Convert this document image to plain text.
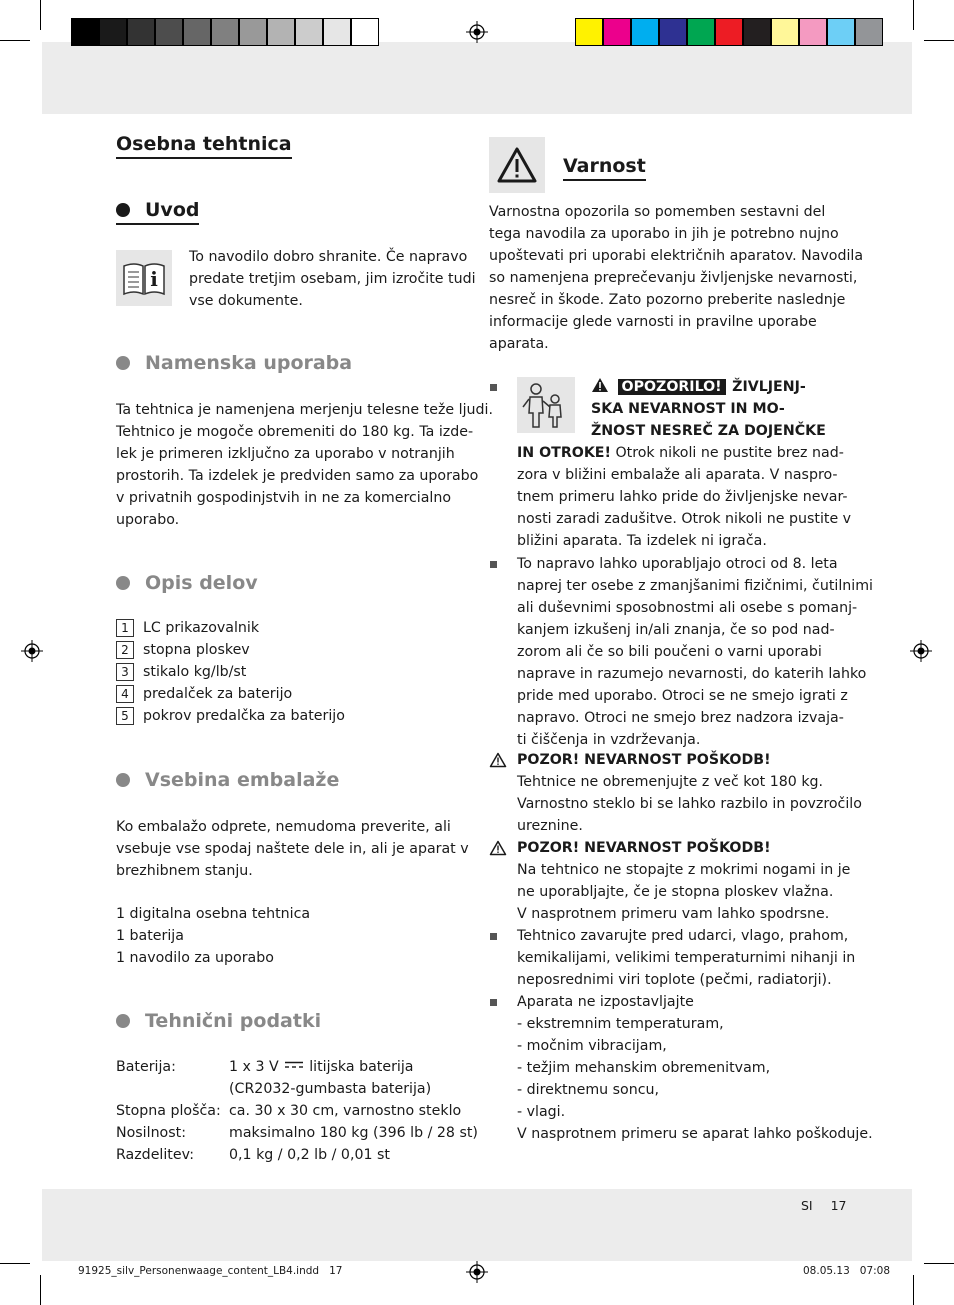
Osebna tehtnica
Uvod
i

To navodilo dobro shranite. Če napravo

predate tretjim osebam, jim izročite tudi

vse dokumente.

Namenska uporaba

Ta tehtnica je namenjena merjenju telesne teže ljudi.

Tehtnico je mogoče obremeniti do 180 kg. Ta izde-

lek je primeren izključno za uporabo v notranjih

prostorih. Ta izdelek je predviden samo za uporabo

v privatnih gospodinjstvih in ne za komercialno

uporabo.

Opis delov
1 LC prikazovalnik
2 stopna ploskev
3 stikalo kg/lb/st
4 predalček za baterijo
5 pokrov predalčka za baterijo
Vsebina embalaže

Ko embalažo odprete, nemudoma preverite, ali

vsebuje vse spodaj naštete dele in, ali je aparat v

brezhibnem stanju.

1 digitalna osebna tehtnica

1 baterija

1 navodilo za uporabo

Tehnični podatki
Baterija:	1 x 3 V litijska baterija
(CR2032-gumbasta baterija)
Stopna plošča: ca. 30 x 30 cm, varnostno steklo
Nosilnost:	maksimalno 180 kg (396 lb / 28 st)
Razdelitev: 0,1 kg / 0,2 lb / 0,01 st
Varnost

Varnostna opozorila so pomemben sestavni del

tega navodila za uporabo in jih je potrebno nujno

upoštevati pri uporabi električnih aparatov. Navodila

so namenjena preprečevanju življenjske nevarnosti,

nesreč in škode. Zato pozorno preberite naslednje

informacije glede varnosti in pravilne uporabe

aparata.

OPOZORILO! ŽIVLJENJ-
SKA NEVARNOST IN MO-
ŽNOST NESREČ ZA DOJENČKE
IN OTROKE! Otrok nikoli ne pustite brez nad-

zora v bližini embalaže ali aparata. V naspro-

tnem primeru lahko pride do življenjske nevar-

nosti zaradi zadušitve. Otrok nikoli ne pustite v

bližini aparata. Ta izdelek ni igrača.

To napravo lahko uporabljajo otroci od 8. leta

naprej ter osebe z zmanjšanimi fizičnimi, čutilnimi

ali duševnimi sposobnostmi ali osebe s pomanj-

kanjem izkušenj in/ali znanja, če so pod nad-

zorom ali če so bili poučeni o varni uporabi

naprave in razumejo nevarnosti, do katerih lahko

pride med uporabo. Otroci se ne smejo igrati z

napravo. Otroci ne smejo brez nadzora izvaja-

ti čiščenja in vzdrževanja.

POZOR! NEVARNOST POŠKODB!

Tehtnice ne obremenjujte z več kot 180 kg.

Varnostno steklo bi se lahko razbilo in povzročilo

ureznine.

POZOR! NEVARNOST POŠKODB!

Na tehtnico ne stopajte z mokrimi nogami in je

ne uporabljajte, če je stopna ploskev vlažna.

V nasprotnem primeru vam lahko spodrsne.

Tehtnico zavarujte pred udarci, vlago, prahom,

kemikalijami, velikimi temperaturnimi nihanji in

neposrednimi viri toplote (pečmi, radiatorji).

Aparata ne izpostavljajte

- ekstremnim temperaturam,

- močnim vibracijam,

- težjim mehanskim obremenitvam,

- direktnemu soncu,

- vlagi.

V nasprotnem primeru se aparat lahko poškoduje.

SI 17
91925_silv_Personenwaage_content_LB4.indd   17	08.05.13   07:08
